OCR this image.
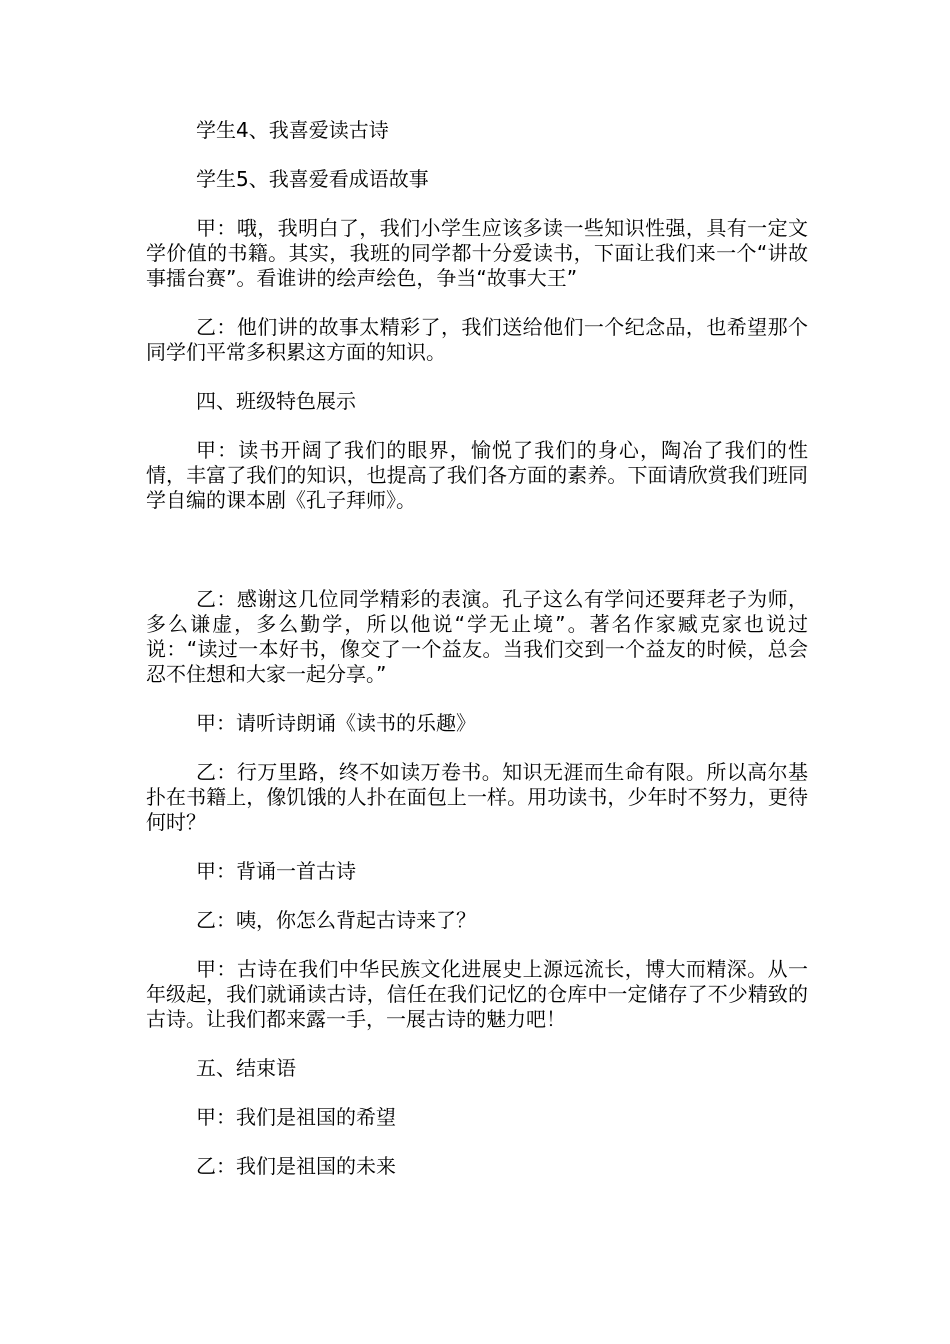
学生4、我喜爱读古诗

学生5、我喜爱看成语故事

甲：哦，我明白了，我们小学生应该多读一些知识性强，具有一定文学价值的书籍。其实，我班的同学都十分爱读书，下面让我们来一个“讲故事擂台赛”。看谁讲的绘声绘色，争当“故事大王”

乙：他们讲的故事太精彩了，我们送给他们一个纪念品，也希望那个同学们平常多积累这方面的知识。

四、班级特色展示

甲：读书开阔了我们的眼界，愉悦了我们的身心，陶冶了我们的性情，丰富了我们的知识，也提高了我们各方面的素养。下面请欣赏我们班同学自编的课本剧《孔子拜师》。

乙：感谢这几位同学精彩的表演。孔子这么有学问还要拜老子为师，多么谦虚，多么勤学，所以他说“学无止境”。著名作家臧克家也说过说：“读过一本好书，像交了一个益友。当我们交到一个益友的时候，总会忍不住想和大家一起分享。”

甲：请听诗朗诵《读书的乐趣》

乙：行万里路，终不如读万卷书。知识无涯而生命有限。所以高尔基扑在书籍上，像饥饿的人扑在面包上一样。用功读书，少年时不努力，更待何时？

甲：背诵一首古诗

乙：咦，你怎么背起古诗来了？

甲：古诗在我们中华民族文化进展史上源远流长，博大而精深。从一年级起，我们就诵读古诗，信任在我们记忆的仓库中一定储存了不少精致的古诗。让我们都来露一手，一展古诗的魅力吧！

五、结束语

甲：我们是祖国的希望

乙：我们是祖国的未来
